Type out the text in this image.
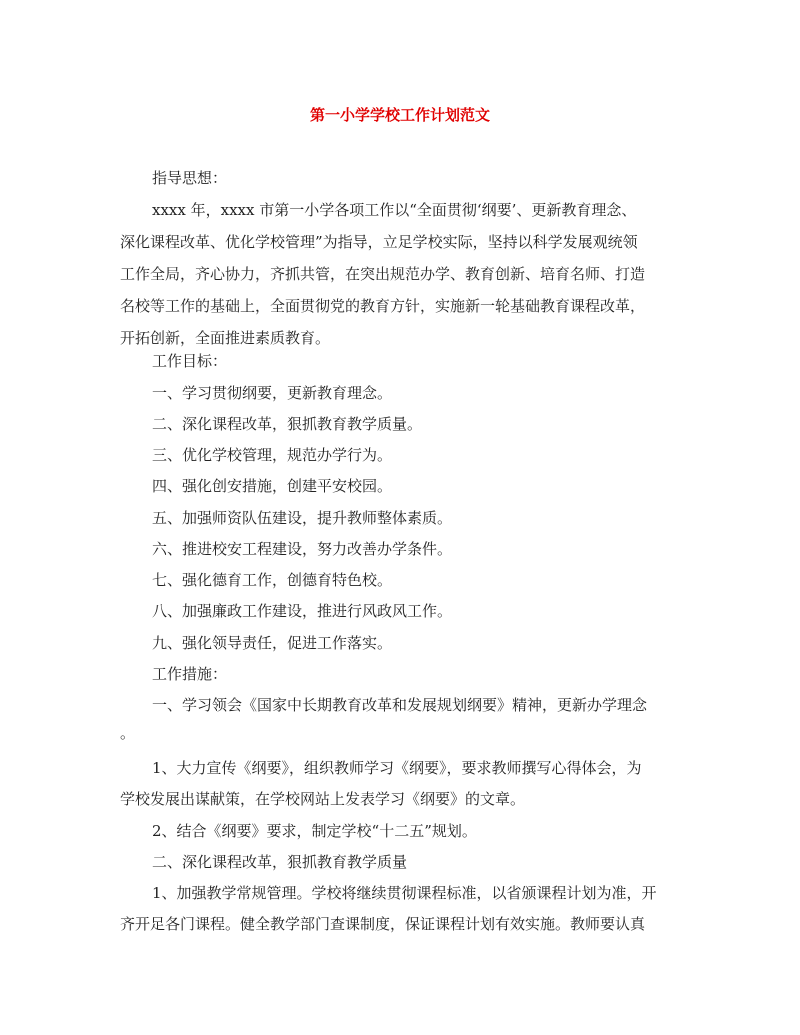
第一小学学校工作计划范文
指导思想：
xxxx 年，xxxx 市第一小学各项工作以“全面贯彻‘纲要’、更新教育理念、
深化课程改革、优化学校管理”为指导，立足学校实际，坚持以科学发展观统领
工作全局，齐心协力，齐抓共管，在突出规范办学、教育创新、培育名师、打造
名校等工作的基础上，全面贯彻党的教育方针，实施新一轮基础教育课程改革，
开拓创新，全面推进素质教育。
工作目标：
一、学习贯彻纲要，更新教育理念。
二、深化课程改革，狠抓教育教学质量。
三、优化学校管理，规范办学行为。
四、强化创安措施，创建平安校园。
五、加强师资队伍建设，提升教师整体素质。
六、推进校安工程建设，努力改善办学条件。
七、强化德育工作，创德育特色校。
八、加强廉政工作建设，推进行风政风工作。
九、强化领导责任，促进工作落实。
工作措施：
一、学习领会《国家中长期教育改革和发展规划纲要》精神，更新办学理念
。
1、大力宣传《纲要》，组织教师学习《纲要》，要求教师撰写心得体会，为
学校发展出谋献策，在学校网站上发表学习《纲要》的文章。
2、结合《纲要》要求，制定学校“十二五”规划。
二、深化课程改革，狠抓教育教学质量
1、加强教学常规管理。学校将继续贯彻课程标准，以省颁课程计划为准，开
齐开足各门课程。健全教学部门查课制度，保证课程计划有效实施。教师要认真
